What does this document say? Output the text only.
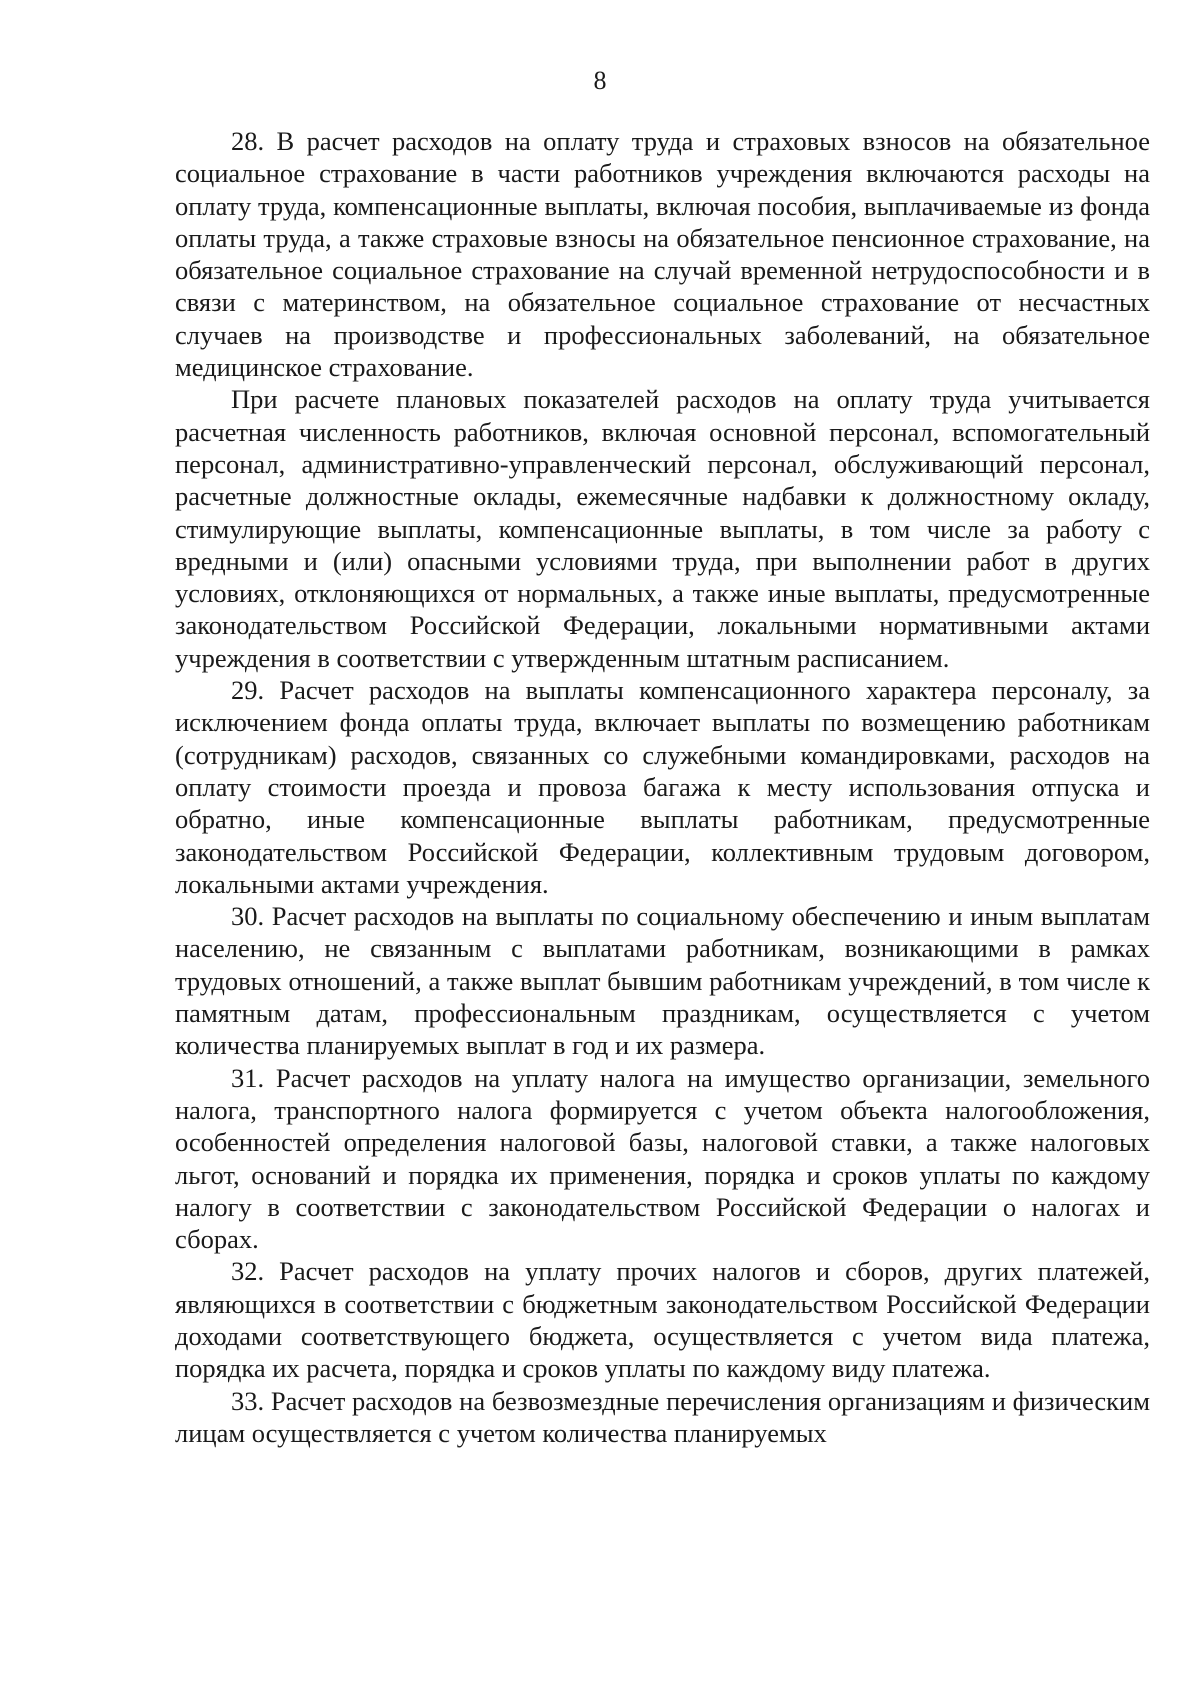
8

28. В расчет расходов на оплату труда и страховых взносов на обязательное социальное страхование в части работников учреждения включаются расходы на оплату труда, компенсационные выплаты, включая пособия, выплачиваемые из фонда оплаты труда, а также страховые взносы на обязательное пенсионное страхование, на обязательное социальное страхование на случай временной нетрудоспособности и в связи с материнством, на обязательное социальное страхование от несчастных случаев на производстве и профессиональных заболеваний, на обязательное медицинское страхование.

При расчете плановых показателей расходов на оплату труда учитывается расчетная численность работников, включая основной персонал, вспомогательный персонал, административно-управленческий персонал, обслуживающий персонал, расчетные должностные оклады, ежемесячные надбавки к должностному окладу, стимулирующие выплаты, компенсационные выплаты, в том числе за работу с вредными и (или) опасными условиями труда, при выполнении работ в других условиях, отклоняющихся от нормальных, а также иные выплаты, предусмотренные законодательством Российской Федерации, локальными нормативными актами учреждения в соответствии с утвержденным штатным расписанием.

29. Расчет расходов на выплаты компенсационного характера персоналу, за исключением фонда оплаты труда, включает выплаты по возмещению работникам (сотрудникам) расходов, связанных со служебными командировками, расходов на оплату стоимости проезда и провоза багажа к месту использования отпуска и обратно, иные компенсационные выплаты работникам, предусмотренные законодательством Российской Федерации, коллективным трудовым договором, локальными актами учреждения.

30. Расчет расходов на выплаты по социальному обеспечению и иным выплатам населению, не связанным с выплатами работникам, возникающими в рамках трудовых отношений, а также выплат бывшим работникам учреждений, в том числе к памятным датам, профессиональным праздникам, осуществляется с учетом количества планируемых выплат в год и их размера.

31. Расчет расходов на уплату налога на имущество организации, земельного налога, транспортного налога формируется с учетом объекта налогообложения, особенностей определения налоговой базы, налоговой ставки, а также налоговых льгот, оснований и порядка их применения, порядка и сроков уплаты по каждому налогу в соответствии с законодательством Российской Федерации о налогах и сборах.

32. Расчет расходов на уплату прочих налогов и сборов, других платежей, являющихся в соответствии с бюджетным законодательством Российской Федерации доходами соответствующего бюджета, осуществляется с учетом вида платежа, порядка их расчета, порядка и сроков уплаты по каждому виду платежа.

33. Расчет расходов на безвозмездные перечисления организациям и физическим лицам осуществляется с учетом количества планируемых
